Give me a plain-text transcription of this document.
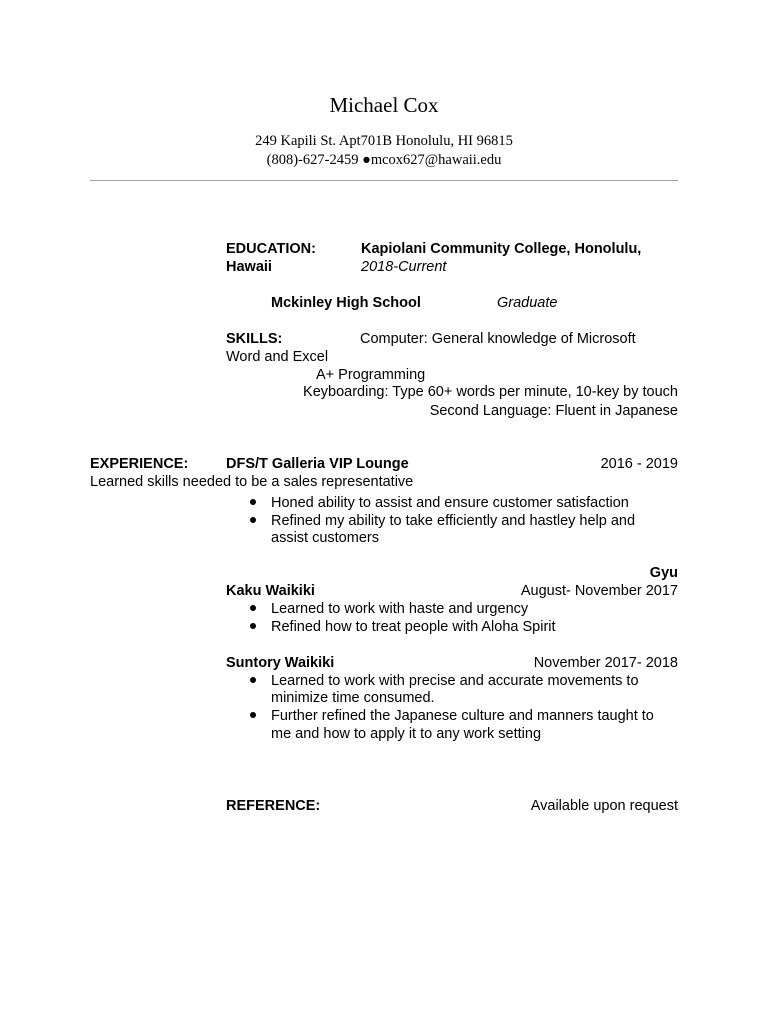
Michael Cox
249 Kapili St. Apt701B Honolulu, HI 96815
(808)-627-2459 ●mcox627@hawaii.edu
EDUCATION:	Kapiolani Community College, Honolulu,
Hawaii	2018-Current
Mckinley High School	Graduate
SKILLS:	Computer: General knowledge of Microsoft
Word and Excel
A+ Programming
Keyboarding: Type 60+ words per minute, 10-key by touch
Second Language: Fluent in Japanese
EXPERIENCE:	DFS/T Galleria VIP Lounge	2016 - 2019
Learned skills needed to be a sales representative
Honed ability to assist and ensure customer satisfaction
Refined my ability to take efficiently and hastley help and
assist customers
Gyu
Kaku Waikiki	August- November 2017
Learned to work with haste and urgency
Refined how to treat people with Aloha Spirit
Suntory Waikiki	November 2017- 2018
Learned to work with precise and accurate movements to
minimize time consumed.
Further refined the Japanese culture and manners taught to
me and how to apply it to any work setting
REFERENCE:	Available upon request
